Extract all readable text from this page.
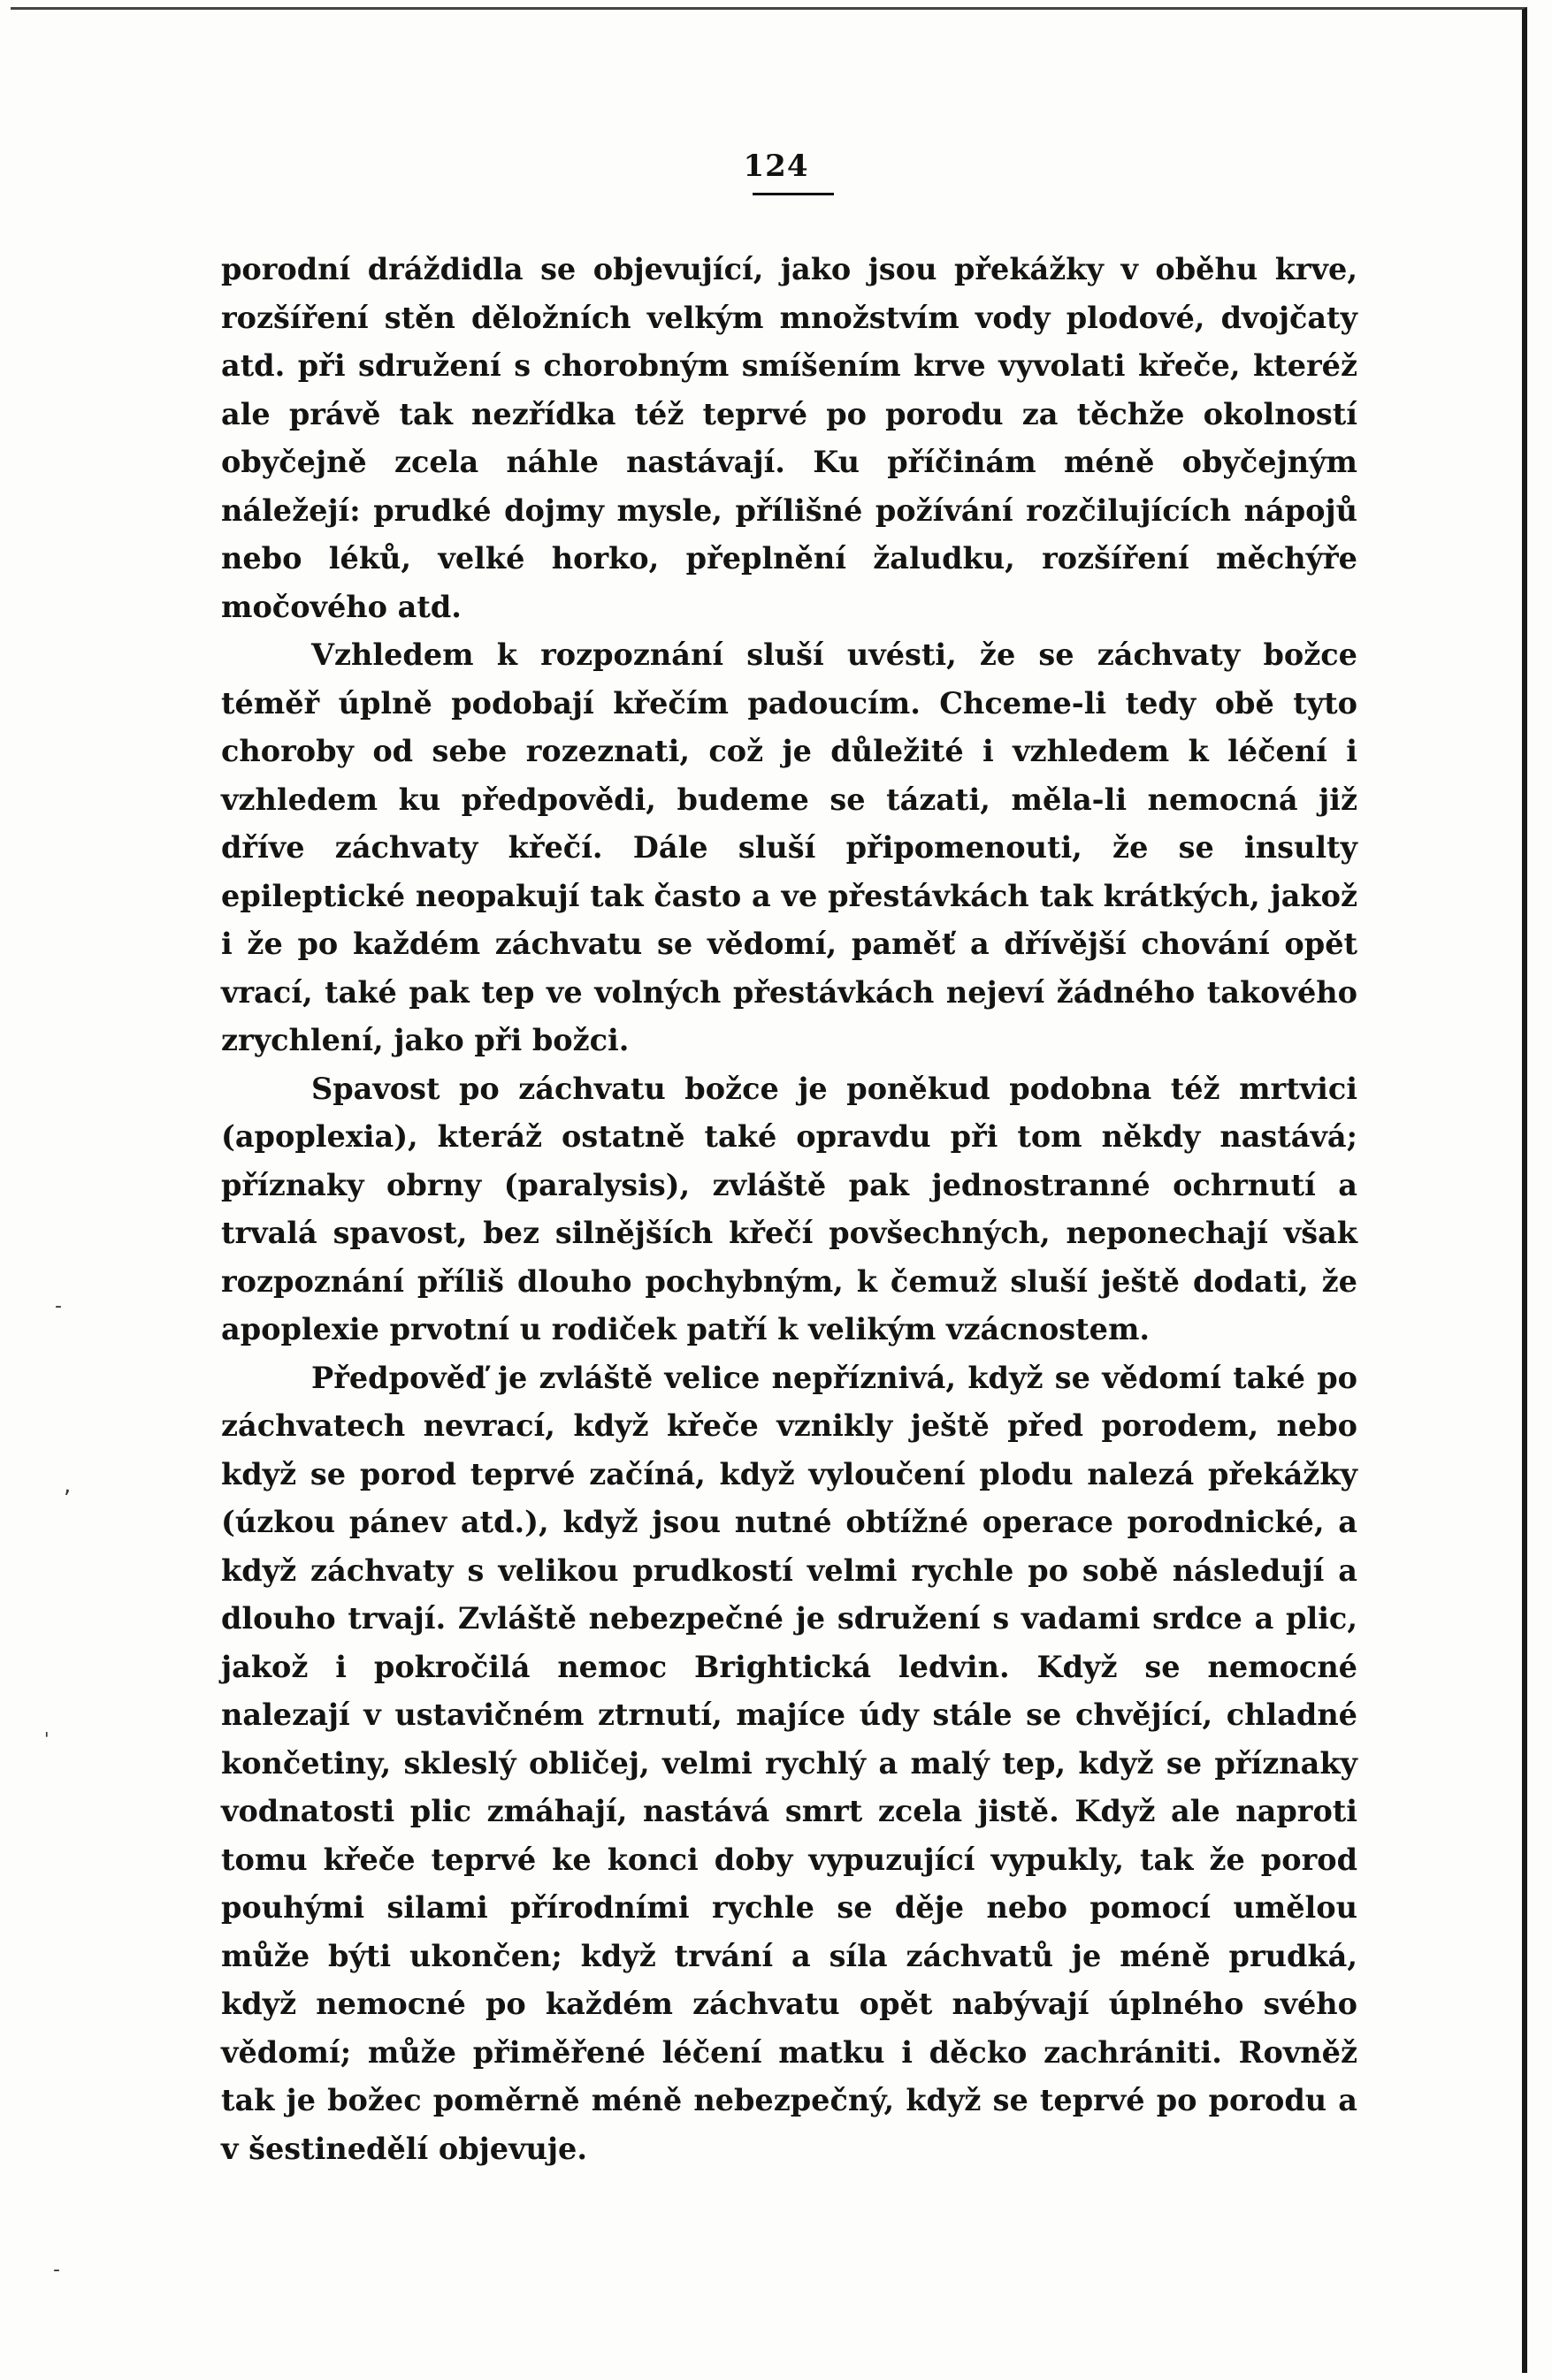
124

porodní dráždidla se objevující, jako jsou překážky v oběhu krve, rozšíření stěn děložních velkým množstvím vody plodové, dvojčaty atd. při sdružení s chorobným smíšením krve vyvolati křeče, kteréž ale právě tak nezřídka též teprvé po porodu za těchže okolností obyčejně zcela náhle nastávají. Ku příčinám méně obyčejným náležejí: prudké dojmy mysle, přílišné požívání rozčilujících nápojů nebo léků, velké horko, přeplnění žaludku, rozšíření měchýře močového atd.

Vzhledem k rozpoznání sluší uvésti, že se záchvaty božce téměř úplně podobají křečím padoucím. Chceme-li tedy obě tyto choroby od sebe rozeznati, což je důležité i vzhledem k léčení i vzhledem ku předpovědi, budeme se tázati, měla-li nemocná již dříve záchvaty křečí. Dále sluší připomenouti, že se insulty epileptické neopakují tak často a ve přestávkách tak krátkých, jakož i že po každém záchvatu se vědomí, paměť a dřívější chování opět vrací, také pak tep ve volných přestávkách nejeví žádného takového zrychlení, jako při božci.

Spavost po záchvatu božce je poněkud podobna též mrtvici (apoplexia), kteráž ostatně také opravdu při tom někdy nastává; příznaky obrny (paralysis), zvláště pak jednostranné ochrnutí a trvalá spavost, bez silnějších křečí povšechných, neponechají však rozpoznání příliš dlouho pochybným, k čemuž sluší ještě dodati, že apoplexie prvotní u rodiček patří k velikým vzácnostem.

Předpověď je zvláště velice nepříznivá, když se vědomí také po záchvatech nevrací, když křeče vznikly ještě před porodem, nebo když se porod teprvé začíná, když vyloučení plodu nalezá překážky (úzkou pánev atd.), když jsou nutné obtížné operace porodnické, a když záchvaty s velikou prudkostí velmi rychle po sobě následují a dlouho trvají. Zvláště nebezpečné je sdružení s vadami srdce a plic, jakož i pokročilá nemoc Brightická ledvin. Když se nemocné nalezají v ustavičném ztrnutí, majíce údy stále se chvějící, chladné končetiny, skleslý obličej, velmi rychlý a malý tep, když se příznaky vodnatosti plic zmáhají, nastává smrt zcela jistě. Když ale naproti tomu křeče teprvé ke konci doby vypuzující vypukly, tak že porod pouhými silami přírodními rychle se děje nebo pomocí umělou může býti ukončen; když trvání a síla záchvatů je méně prudká, když nemocné po každém záchvatu opět nabývají úplného svého vědomí; může přiměřené léčení matku i děcko zachrániti. Rovněž tak je božec poměrně méně nebezpečný, když se teprvé po porodu a v šestinedělí objevuje.

-
,
'
-
